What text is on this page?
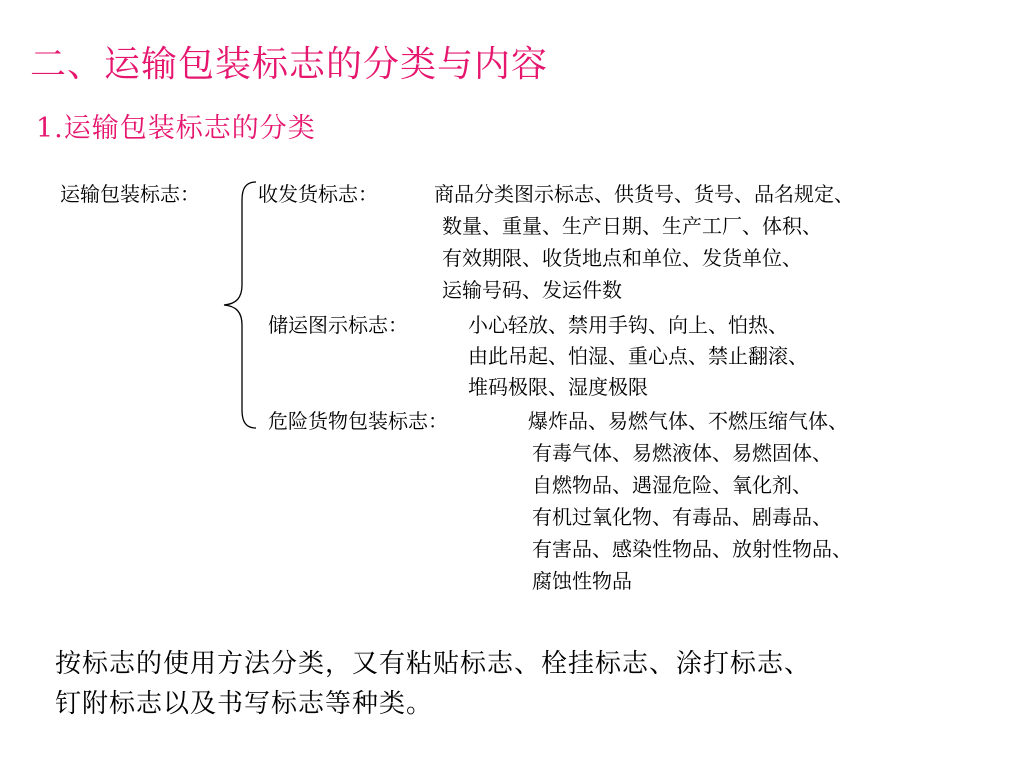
二、运输包装标志的分类与内容
1.运输包装标志的分类
运输包装标志：	收发货标志：	商品分类图示标志、供货号、货号、品名规定、
数量、重量、生产日期、生产工厂、体积、
有效期限、收货地点和单位、发货单位、
运输号码、发运件数
储运图示标志：	小心轻放、禁用手钩、向上、怕热、
由此吊起、怕湿、重心点、禁止翻滚、
堆码极限、湿度极限
危险货物包装标志：	爆炸品、易燃气体、不燃压缩气体、
有毒气体、易燃液体、易燃固体、
自燃物品、遇湿危险、氧化剂、
有机过氧化物、有毒品、剧毒品、
有害品、感染性物品、放射性物品、
腐蚀性物品
按标志的使用方法分类，又有粘贴标志、栓挂标志、涂打标志、
钉附标志以及书写标志等种类。
